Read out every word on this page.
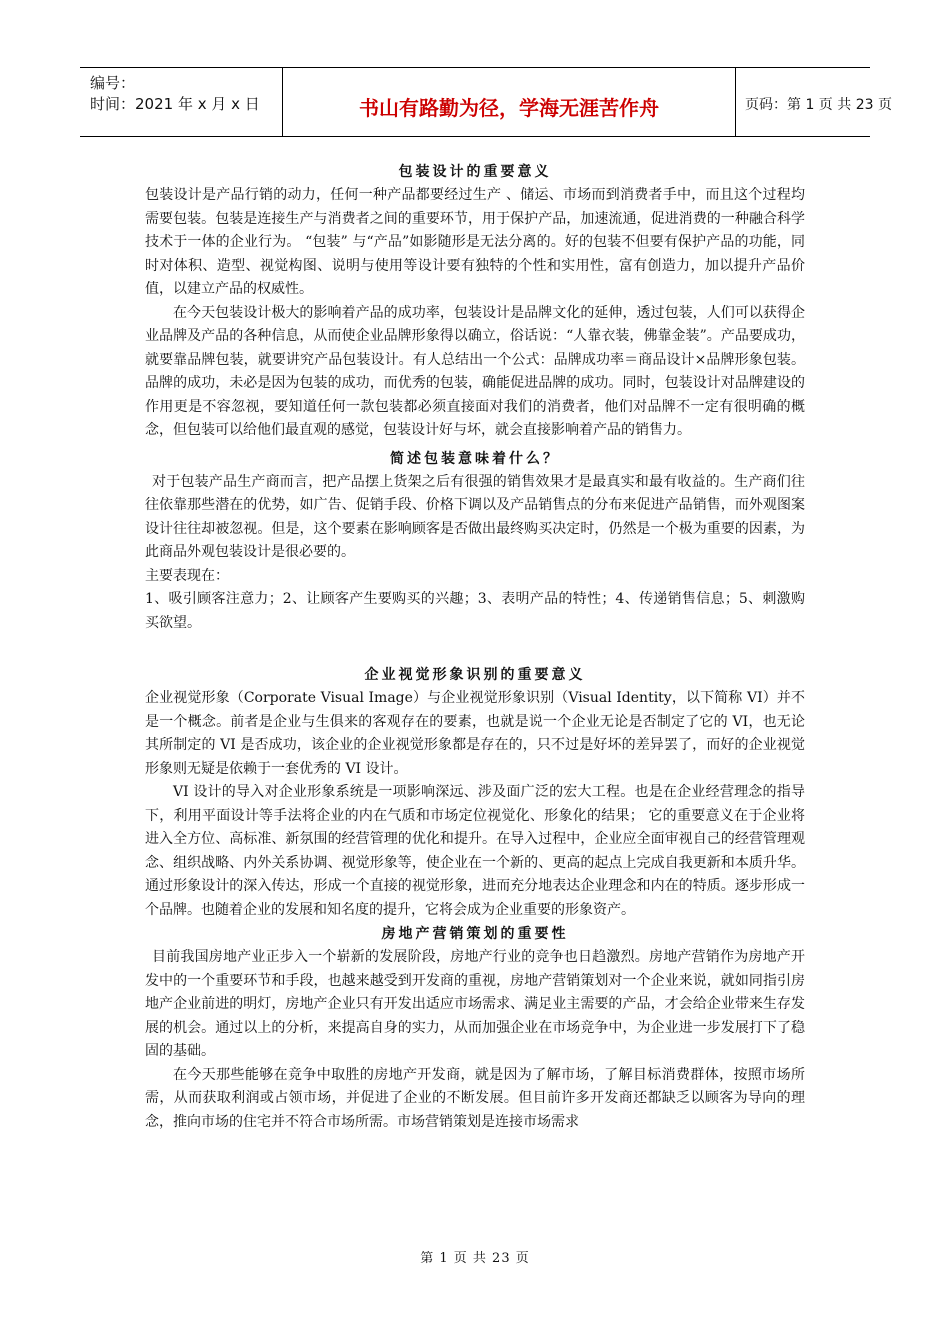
编号：
时间：2021 年 x 月 x 日	书山有路勤为径，学海无涯苦作舟	页码：第 1 页 共 23 页
包装设计的重要意义

包装设计是产品行销的动力，任何一种产品都要经过生产 、储运、市场而到消费者手中，而且这个过程均需要包装。包装是连接生产与消费者之间的重要环节，用于保护产品，加速流通，促进消费的一种融合科学技术于一体的企业行为。 “包装” 与“产品”如影随形是无法分离的。好的包装不但要有保护产品的功能，同时对体积、造型、视觉构图、说明与使用等设计要有独特的个性和实用性，富有创造力，加以提升产品价值，以建立产品的权威性。

在今天包装设计极大的影响着产品的成功率，包装设计是品牌文化的延伸，透过包装，人们可以获得企业品牌及产品的各种信息，从而使企业品牌形象得以确立，俗话说：“人靠衣装，佛靠金装”。产品要成功，就要靠品牌包装，就要讲究产品包装设计。有人总结出一个公式：品牌成功率＝商品设计×品牌形象包装。品牌的成功，未必是因为包装的成功，而优秀的包装，确能促进品牌的成功。同时，包装设计对品牌建设的作用更是不容忽视，要知道任何一款包装都必须直接面对我们的消费者，他们对品牌不一定有很明确的概念，但包装可以给他们最直观的感觉，包装设计好与坏，就会直接影响着产品的销售力。

简述包装意味着什么？

对于包装产品生产商而言，把产品摆上货架之后有很强的销售效果才是最真实和最有收益的。生产商们往往依靠那些潜在的优势，如广告、促销手段、价格下调以及产品销售点的分布来促进产品销售，而外观图案设计往往却被忽视。但是，这个要素在影响顾客是否做出最终购买决定时，仍然是一个极为重要的因素，为此商品外观包装设计是很必要的。

主要表现在：

1、吸引顾客注意力；2、让顾客产生要购买的兴趣；3、表明产品的特性；4、传递销售信息；5、刺激购买欲望。

企业视觉形象识别的重要意义

企业视觉形象（Corporate Visual Image）与企业视觉形象识别（Visual Identity，以下简称 VI）并不是一个概念。前者是企业与生俱来的客观存在的要素，也就是说一个企业无论是否制定了它的 VI，也无论其所制定的 VI 是否成功，该企业的企业视觉形象都是存在的，只不过是好坏的差异罢了，而好的企业视觉形象则无疑是依赖于一套优秀的 VI 设计。

VI 设计的导入对企业形象系统是一项影响深远、涉及面广泛的宏大工程。也是在企业经营理念的指导下，利用平面设计等手法将企业的内在气质和市场定位视觉化、形象化的结果； 它的重要意义在于企业将进入全方位、高标准、新氛围的经营管理的优化和提升。在导入过程中，企业应全面审视自己的经营管理观念、组织战略、内外关系协调、视觉形象等，使企业在一个新的、更高的起点上完成自我更新和本质升华。通过形象设计的深入传达，形成一个直接的视觉形象，进而充分地表达企业理念和内在的特质。逐步形成一个品牌。也随着企业的发展和知名度的提升，它将会成为企业重要的形象资产。

房地产营销策划的重要性

目前我国房地产业正步入一个崭新的发展阶段，房地产行业的竞争也日趋激烈。房地产营销作为房地产开发中的一个重要环节和手段，也越来越受到开发商的重视，房地产营销策划对一个企业来说，就如同指引房地产企业前进的明灯，房地产企业只有开发出适应市场需求、满足业主需要的产品，才会给企业带来生存发展的机会。通过以上的分析，来提高自身的实力，从而加强企业在市场竞争中，为企业进一步发展打下了稳固的基础。

在今天那些能够在竞争中取胜的房地产开发商，就是因为了解市场，了解目标消费群体，按照市场所需，从而获取利润或占领市场，并促进了企业的不断发展。但目前许多开发商还都缺乏以顾客为导向的理念，推向市场的住宅并不符合市场所需。市场营销策划是连接市场需求

第 1 页 共 23 页
